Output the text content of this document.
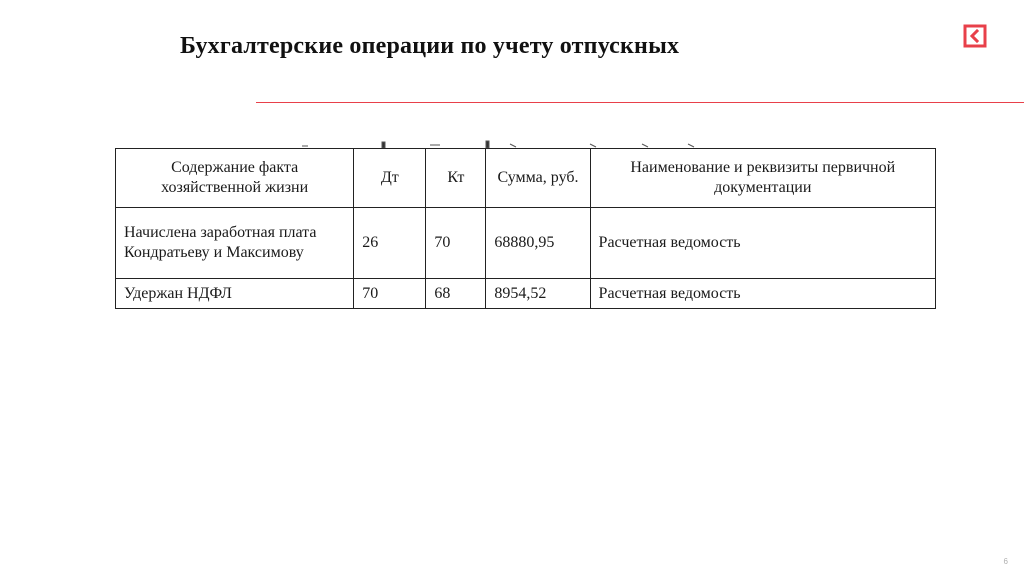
Бухгалтерские операции по учету отпускных
Содержание факта хозяйственной жизни	Дт	Кт	Сумма, руб.	Наименование и реквизиты первичной документации
Начислена заработная плата Кондратьеву и Максимову	26	70	68880,95	Расчетная ведомость
Удержан НДФЛ	70	68	8954,52	Расчетная ведомость
6
